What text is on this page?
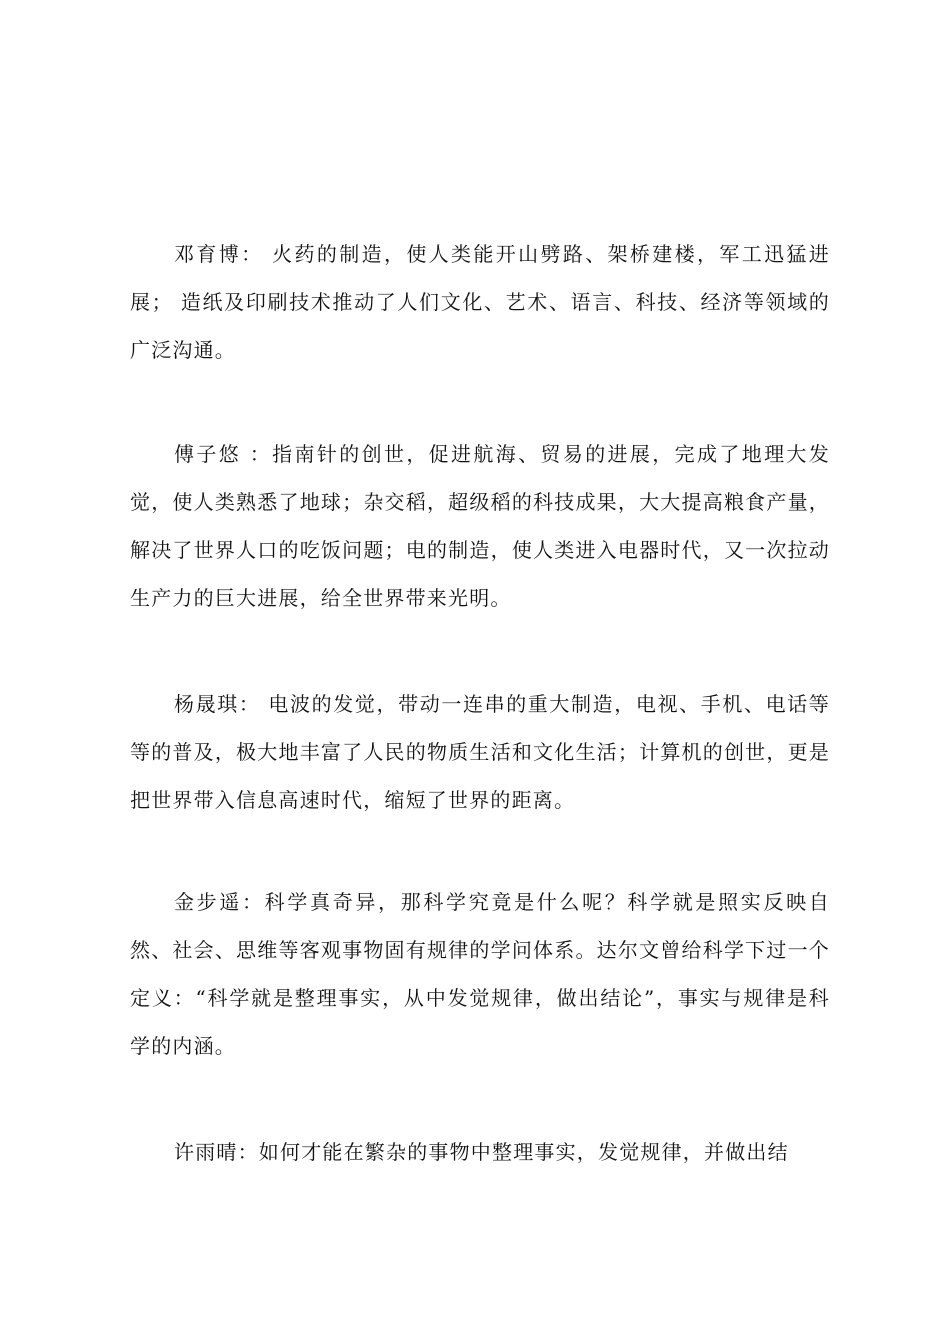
邓育博： 火药的制造，使人类能开山劈路、架桥建楼，军工迅猛进展； 造纸及印刷技术推动了人们文化、艺术、语言、科技、经济等领域的广泛沟通。

傅子悠 ：指南针的创世，促进航海、贸易的进展，完成了地理大发觉，使人类熟悉了地球；杂交稻，超级稻的科技成果，大大提高粮食产量，解决了世界人口的吃饭问题；电的制造，使人类进入电器时代，又一次拉动生产力的巨大进展，给全世界带来光明。

杨晟琪： 电波的发觉，带动一连串的重大制造，电视、手机、电话等等的普及，极大地丰富了人民的物质生活和文化生活；计算机的创世，更是把世界带入信息高速时代，缩短了世界的距离。

金步遥：科学真奇异，那科学究竟是什么呢？科学就是照实反映自然、社会、思维等客观事物固有规律的学问体系。达尔文曾给科学下过一个定义：“科学就是整理事实，从中发觉规律，做出结论”，事实与规律是科学的内涵。

许雨晴：如何才能在繁杂的事物中整理事实，发觉规律，并做出结
